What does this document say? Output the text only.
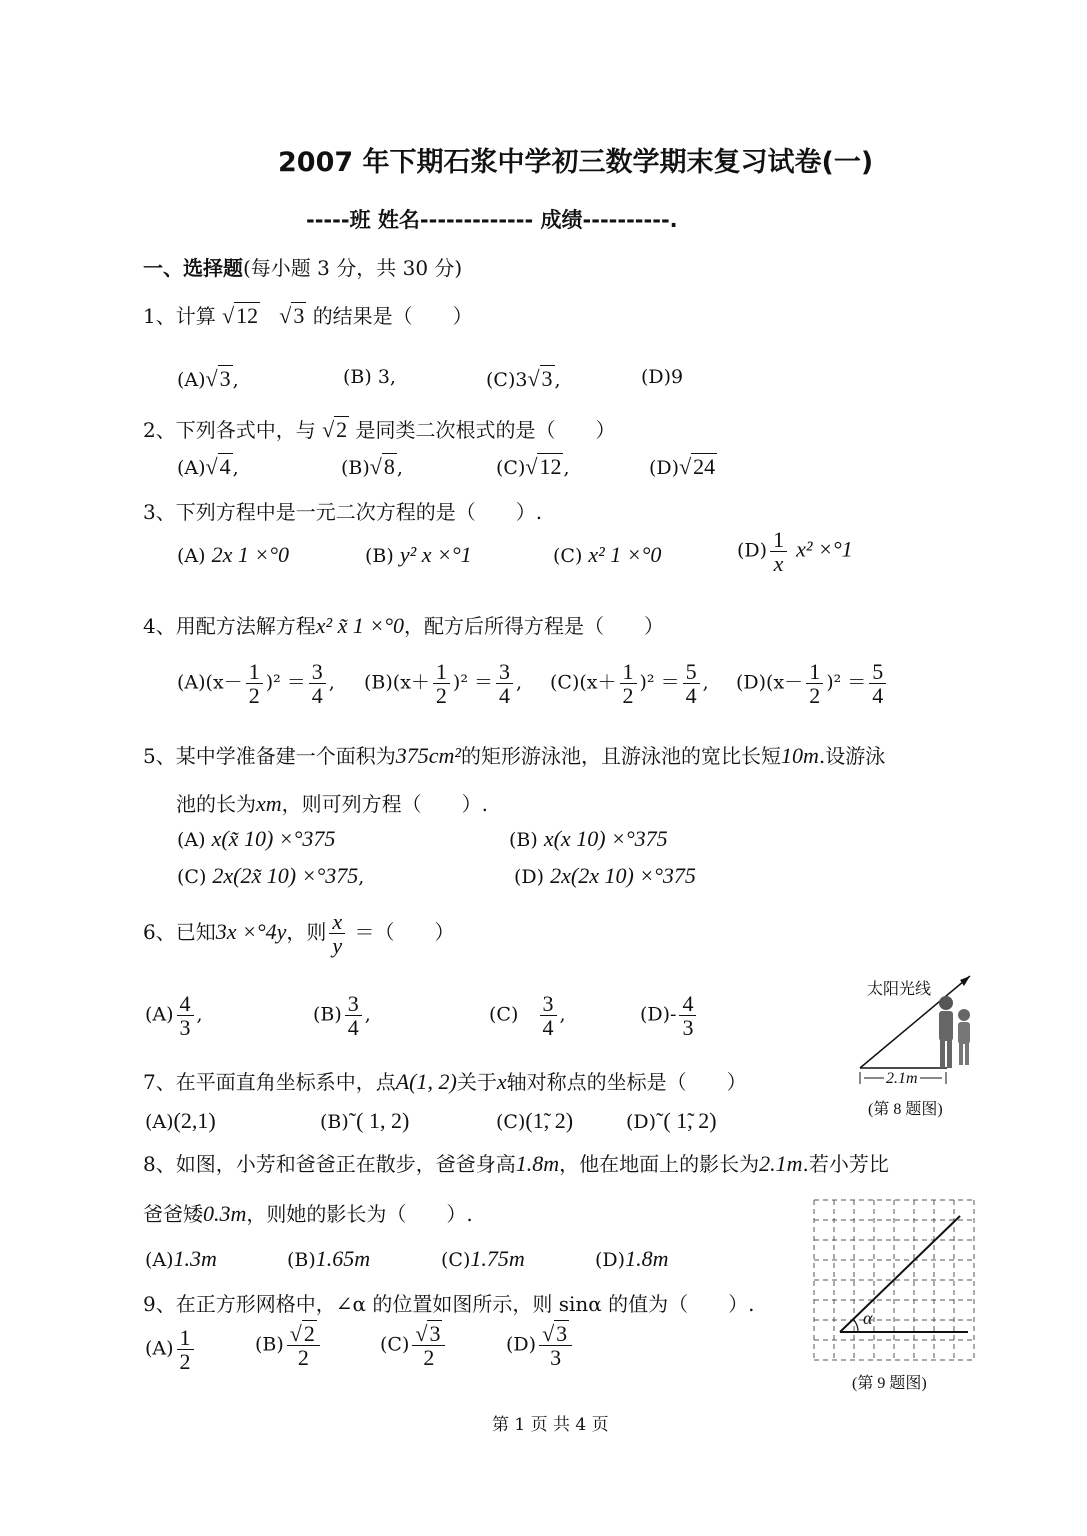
2007 年下期石浆中学初三数学期末复习试卷(一)
-----班 姓名------------- 成绩----------.
一、选择题(每小题 3 分，共 30 分)
1、计算 √12 √3 的结果是（　　）
(A)√3 ,	(B) 3,	(C)3√3 ,	(D)9
2、下列各式中，与 √2 是同类二次根式的是（　　）
(A)√4 ,	(B)√8 ,	(C)√12 ,	(D)√24
3、下列方程中是一元二次方程的是（　　）.
(A) 2x 1 ×°0	(B) y² x ×°1	(C) x² 1 ×°0	$(D) \frac{1}{x} x^2 \times^\circ 1$
4、用配方法解方程x² x̃ 1 ×°0，配方后所得方程是（　　）
$(A)(x- \frac{1}{2} )^2 = \frac{3}{4}$ , $(B)(x+ \frac{1}{2} )^2 = \frac{3}{4}$ , $(C)(x+ \frac{1}{2} )^2 = \frac{5}{4}$ , $(D)(x- \frac{1}{2} )^2 = \frac{5}{4}$
5、某中学准备建一个面积为375cm²的矩形游泳池，且游泳池的宽比长短10m.设游泳
池的长为xm，则可列方程（　　）.
(A) x(x̃ 10) ×°375	(B) x(x 10) ×°375
(C) 2x(2x̃ 10) ×°375,	(D) 2x(2x 10) ×°375
6、已知3x ×°4y，则 $\frac{x}{y}$ ＝（　　）
$(A) \frac{4}{3}$ ,	$(B) \frac{3}{4}$ ,	$(C) \frac{3}{4}$ ,	$(D)- \frac{4}{3}$
太阳光线
2.1m
(第 8 题图)
7、在平面直角坐标系中，点A(1, 2)关于x轴对称点的坐标是（　　）
(A)(2,1)	(B)˜( 1, 2)	(C)(1̃, 2)	(D)˜( 1̃, 2)
8、如图，小芳和爸爸正在散步，爸爸身高1.8m，他在地面上的影长为2.1m.若小芳比
爸爸矮0.3m，则她的影长为（　　）.
(A)1.3m	(B)1.65m	(C)1.75m	(D)1.8m
α
(第 9 题图)
9、在正方形网格中，∠α 的位置如图所示，则 sinα 的值为（　　）.
$(A) \frac{1}{2}$	$(B) \frac{√2}{2}$	$(C) \frac{√3}{2}$	$(D) \frac{√3}{3}$
第 1 页 共 4 页
